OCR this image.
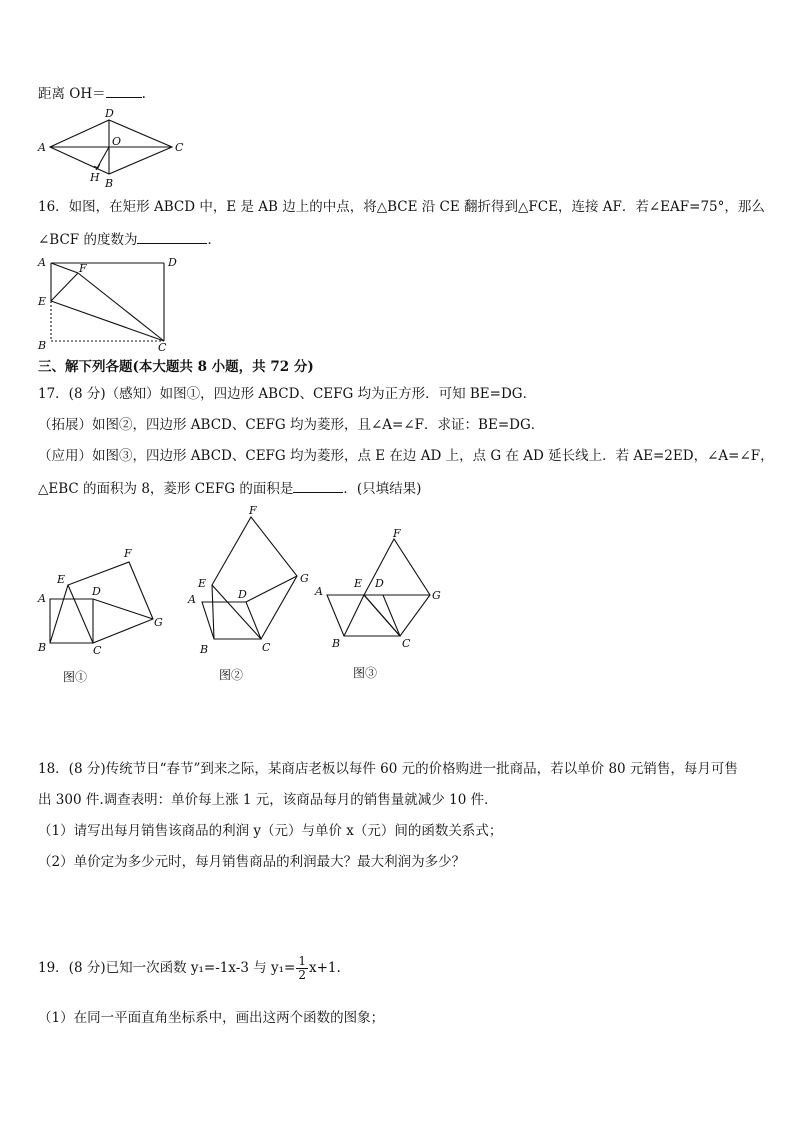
距离 OH＝	.
A
D
O	C
H B
16．如图，在矩形 ABCD 中，E 是 AB 边上的中点，将△BCE 沿 CE 翻折得到△FCE，连接 AF．若∠EAF=75°，那么
∠BCF 的度数为	．
A	D
F
E
B	C
三、解下列各题(本大题共 8 小题，共 72 分)
17．(8 分)（感知）如图①，四边形 ABCD、CEFG 均为正方形．可知 BE=DG．
（拓展）如图②，四边形 ABCD、CEFG 均为菱形，且∠A=∠F．求证：BE=DG．
（应用）如图③，四边形 ABCD、CEFG 均为菱形，点 E 在边 AD 上，点 G 在 AD 延长线上．若 AE=2ED，∠A=∠F，
△EBC 的面积为 8，菱形 CEFG 的面积是	．(只填结果)
A
E
D
F
G
B	C
图①
F
E	G
A	D
B	C
图②
F
A
E D
G
B	C
图③
18．(8 分)传统节日“春节”到来之际，某商店老板以每件 60 元的价格购进一批商品，若以单价 80 元销售，每月可售
出 300 件.调查表明：单价每上涨 1 元，该商品每月的销售量就减少 10 件．
（1）请写出每月销售该商品的利润 y（元）与单价 x（元）间的函数关系式；
（2）单价定为多少元时，每月销售商品的利润最大？最大利润为多少？
19．(8 分)已知一次函数 y₁=-1x-3 与 $y_1= \frac{1}{2} x+1$.
（1）在同一平面直角坐标系中，画出这两个函数的图象；
